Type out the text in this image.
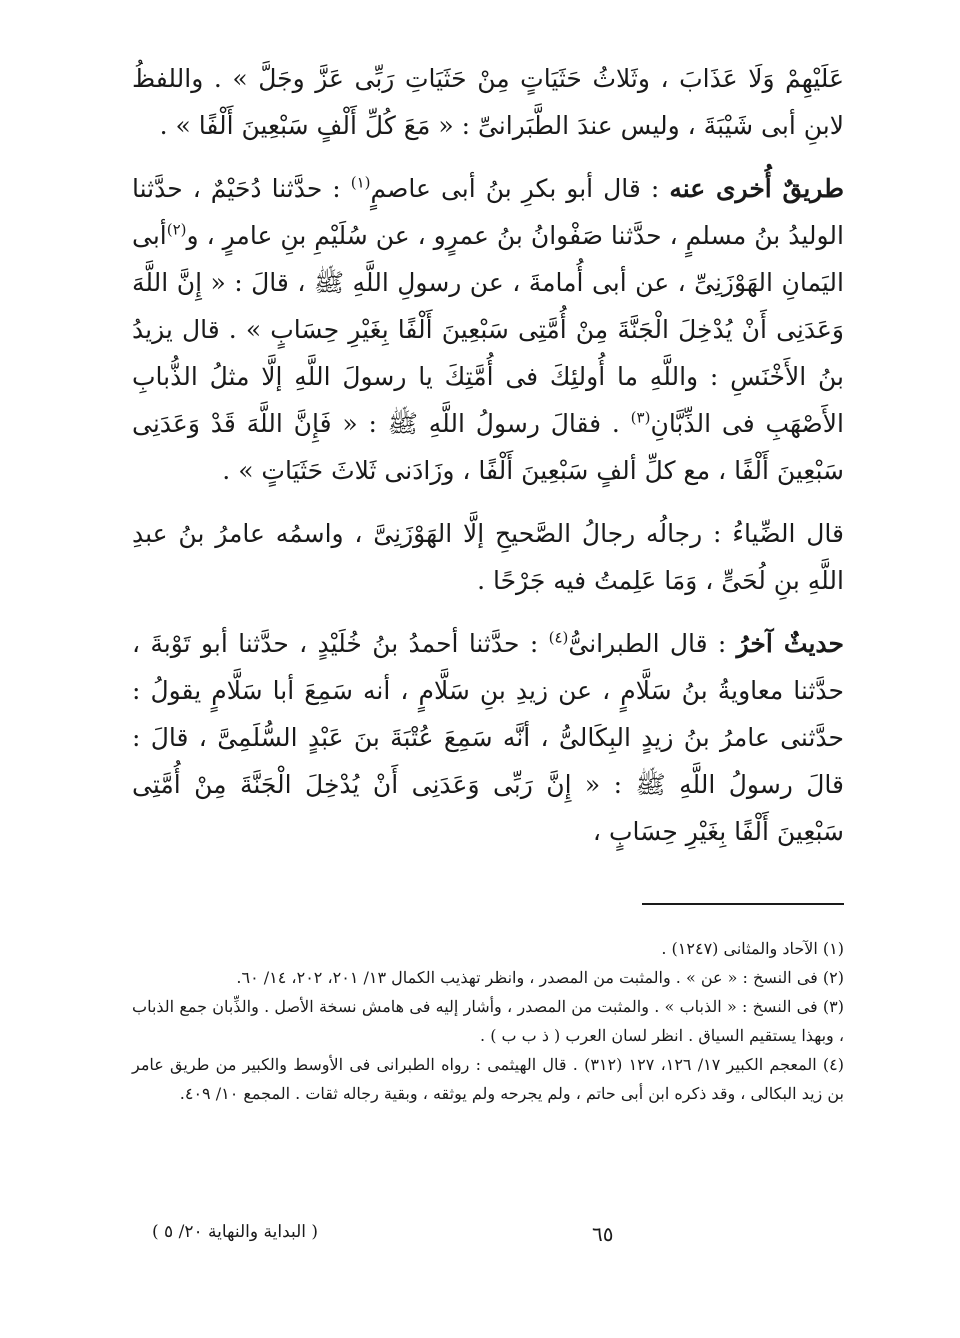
عَلَيْهِمْ وَلَا عَذَابَ ، وثَلاثُ حَثَيَاتٍ مِنْ حَثَيَاتِ رَبِّى عَزَّ وجَلَّ » . واللفظُ لابنِ أبى شَيْبَةَ ، وليس عندَ الطَّبَرانىِّ : « مَعَ كُلِّ أَلْفٍ سَبْعِينَ أَلْفًا » .

طريقٌ أُخرى عنه : قال أبو بكرِ بنُ أبى عاصمٍ$^{(١)}$ : حدَّثنا دُحَيْمٌ ، حدَّثنا الوليدُ بنُ مسلمٍ ، حدَّثنا صَفْوانُ بنُ عمرٍو ، عن سُلَيْمِ بنِ عامرٍ ، و$^{(٢)}$أبى اليَمانِ الهَوْزَنِىِّ ، عن أبى أُمامةَ ، عن رسولِ اللَّهِ ﷺ ، قالَ : « إِنَّ اللَّهَ وَعَدَنِى أَنْ يُدْخِلَ الْجَنَّةَ مِنْ أُمَّتِى سَبْعِينَ أَلْفًا بِغَيْرِ حِسَابٍ » . قال يزيدُ بنُ الأَخْنَسِ : واللَّهِ ما أُولئِكَ فى أُمَّتِكَ يا رسولَ اللَّهِ إلَّا مثلُ الذُّبابِ الأَصْهَبِ فى الذِّبَّانِ$^{(٣)}$ . فقالَ رسولُ اللَّهِ ﷺ : « فَإِنَّ اللَّهَ قَدْ وَعَدَنِى سَبْعِينَ أَلْفًا ، مع كلِّ ألفٍ سَبْعِينَ أَلْفًا ، وزَادَنى ثَلاثَ حَثَيَاتٍ » .

قال الضِّياءُ : رجالُه رجالُ الصَّحيحِ إلَّا الهَوْزَنِىَّ ، واسمُه عامرُ بنُ عبدِ اللَّهِ بنِ لُحَىٍّ ، وَمَا عَلِمتُ فيه جَرْحًا .

حديثٌ آخرُ : قال الطبرانىُّ$^{(٤)}$ : حدَّثنا أحمدُ بنُ خُلَيْدٍ ، حدَّثنا أبو تَوْبةَ ، حدَّثنا معاويةُ بنُ سَلَّامٍ ، عن زيدِ بنِ سَلَّامٍ ، أنه سَمِعَ أبا سَلَّامٍ يقولُ : حدَّثنى عامرُ بنُ زيدٍ البِكَالىُّ ، أنَّه سَمِعَ عُتْبَةَ بنَ عَبْدٍ السُّلَمِىَّ ، قالَ : قالَ رسولُ اللَّهِ ﷺ : « إِنَّ رَبِّى وَعَدَنِى أَنْ يُدْخِلَ الْجَنَّةَ مِنْ أُمَّتِى سَبْعِينَ أَلْفًا بِغَيْرِ حِسَابٍ ،

(١) الآحاد والمثانى (١٢٤٧) .

(٢) فى النسخ : « عن » . والمثبت من المصدر ، وانظر تهذيب الكمال ١٣/ ٢٠١، ٢٠٢، ١٤/ ٦٠.

(٣) فى النسخ : « الذباب » . والمثبت من المصدر ، وأشار إليه فى هامش نسخة الأصل . والذِّبان جمع الذباب ، وبهذا يستقيم السياق . انظر لسان العرب ( ذ ب ب ) .

(٤) المعجم الكبير ١٧/ ١٢٦، ١٢٧ (٣١٢) . قال الهيثمى : رواه الطبرانى فى الأوسط والكبير من طريق عامر بن زيد البكالى ، وقد ذكره ابن أبى حاتم ، ولم يجرحه ولم يوثقه ، وبقية رجاله ثقات . المجمع ١٠/ ٤٠٩.

٦٥
( البداية والنهاية ٢٠/ ٥ )
